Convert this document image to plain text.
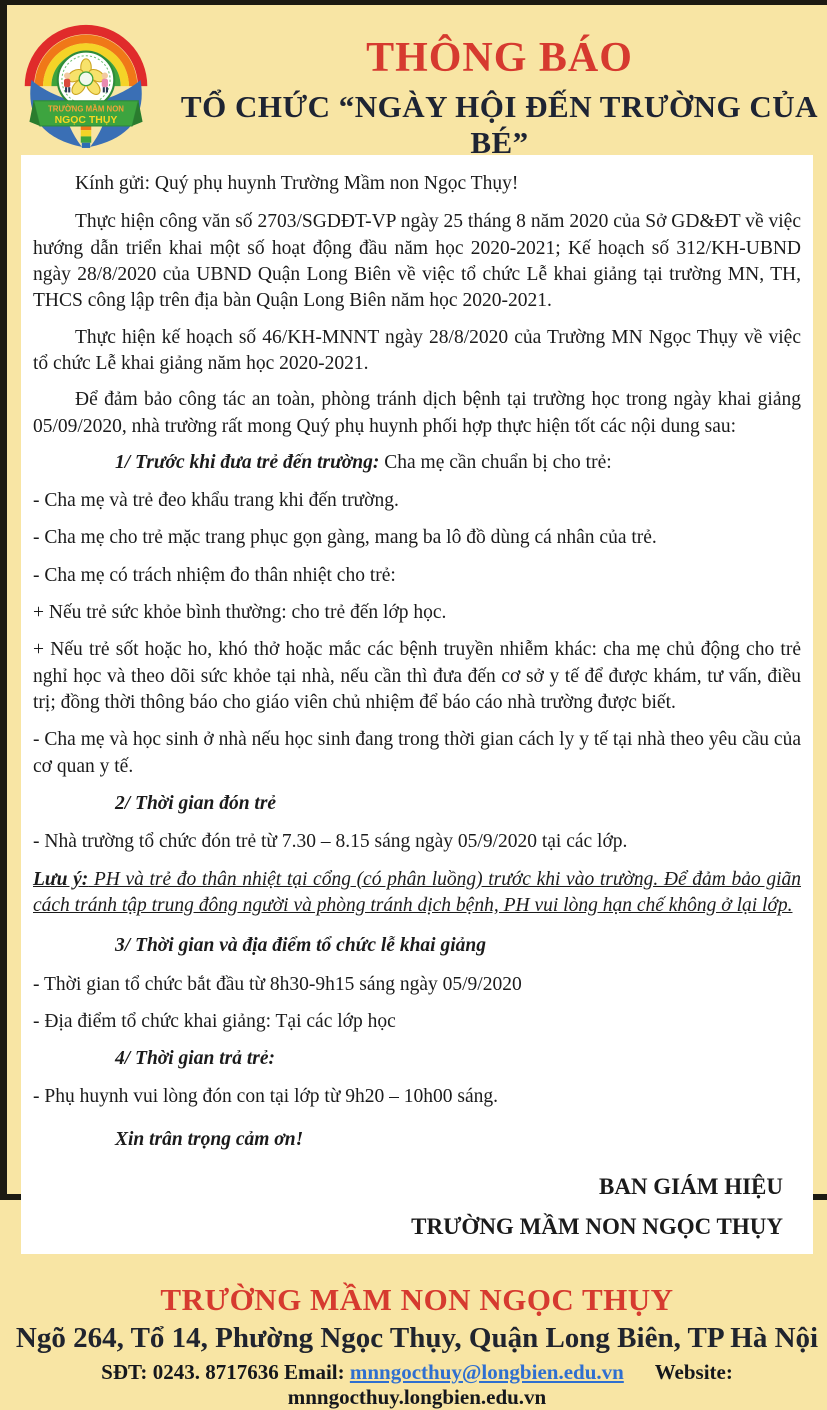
TRƯỜNG MẦM NON
NGỌC THỤY
THÔNG BÁO
TỔ CHỨC “NGÀY HỘI ĐẾN TRƯỜNG CỦA BÉ”
Kính gửi: Quý phụ huynh Trường Mầm non Ngọc Thụy!

Thực hiện công văn số 2703/SGDĐT-VP ngày 25 tháng 8 năm 2020 của Sở GD&ĐT về việc hướng dẫn triển khai một số hoạt động đầu năm học 2020-2021; Kế hoạch số 312/KH-UBND ngày 28/8/2020 của UBND Quận Long Biên về việc tổ chức Lễ khai giảng tại trường MN, TH, THCS công lập trên địa bàn Quận Long Biên năm học 2020-2021.

Thực hiện kế hoạch số 46/KH-MNNT ngày 28/8/2020 của Trường MN Ngọc Thụy về việc tổ chức Lễ khai giảng năm học 2020-2021.

Để đảm bảo công tác an toàn, phòng tránh dịch bệnh tại trường học trong ngày khai giảng 05/09/2020, nhà trường rất mong Quý phụ huynh phối hợp thực hiện tốt các nội dung sau:

1/ Trước khi đưa trẻ đến trường: Cha mẹ cần chuẩn bị cho trẻ:
- Cha mẹ và trẻ đeo khẩu trang khi đến trường.
- Cha mẹ cho trẻ mặc trang phục gọn gàng, mang ba lô đồ dùng cá nhân của trẻ.
- Cha mẹ có trách nhiệm đo thân nhiệt cho trẻ:
+ Nếu trẻ sức khỏe bình thường: cho trẻ đến lớp học.
+ Nếu trẻ sốt hoặc ho, khó thở hoặc mắc các bệnh truyền nhiễm khác: cha mẹ chủ động cho trẻ nghỉ học và theo dõi sức khỏe tại nhà, nếu cần thì đưa đến cơ sở y tế để được khám, tư vấn, điều trị; đồng thời thông báo cho giáo viên chủ nhiệm để báo cáo nhà trường được biết.
- Cha mẹ và học sinh ở nhà nếu học sinh đang trong thời gian cách ly y tế tại nhà theo yêu cầu của cơ quan y tế.
2/ Thời gian đón trẻ
- Nhà trường tổ chức đón trẻ từ 7.30 – 8.15 sáng ngày 05/9/2020 tại các lớp.
Lưu ý: PH và trẻ đo thân nhiệt tại cổng (có phân luồng) trước khi vào trường. Để đảm bảo giãn cách tránh tập trung đông người và phòng tránh dịch bệnh, PH vui lòng hạn chế không ở lại lớp.
3/ Thời gian và địa điểm tổ chức lễ khai giảng
- Thời gian tổ chức bắt đầu từ 8h30-9h15 sáng ngày 05/9/2020
- Địa điểm tổ chức khai giảng: Tại các lớp học
4/ Thời gian trả trẻ:
- Phụ huynh vui lòng đón con tại lớp từ 9h20 – 10h00 sáng.
Xin trân trọng cảm ơn!
BAN GIÁM HIỆU
TRƯỜNG MẦM NON NGỌC THỤY
TRƯỜNG MẦM NON NGỌC THỤY
Ngõ 264, Tổ 14, Phường Ngọc Thụy, Quận Long Biên, TP Hà Nội
SĐT: 0243. 8717636 Email: mnngocthuy@longbien.edu.vn Website: mnngocthuy.longbien.edu.vn
